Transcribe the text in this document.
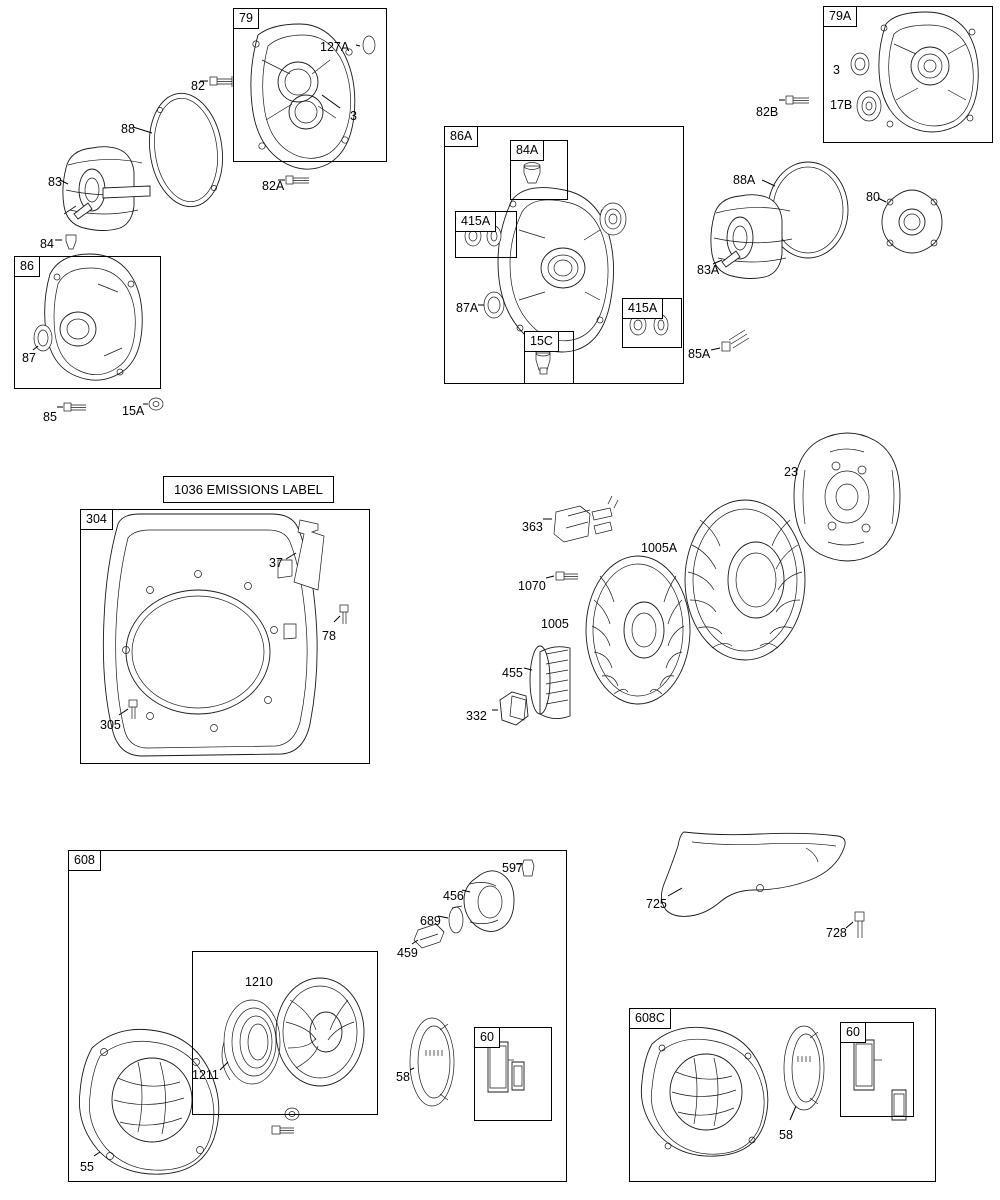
79	79A
86
86A
84A
415A
415A
15C
304
608
1210
60
608C
60
1036 EMISSIONS LABEL
127A
3
82
88
83
84
82A
87
85	15A
87A
85A
88A
80
83A
82B
3
17B
37
78
305
23
363
1005A
1070
1005
455
332
597
456
689
459
1211	58
55
725
728
58
